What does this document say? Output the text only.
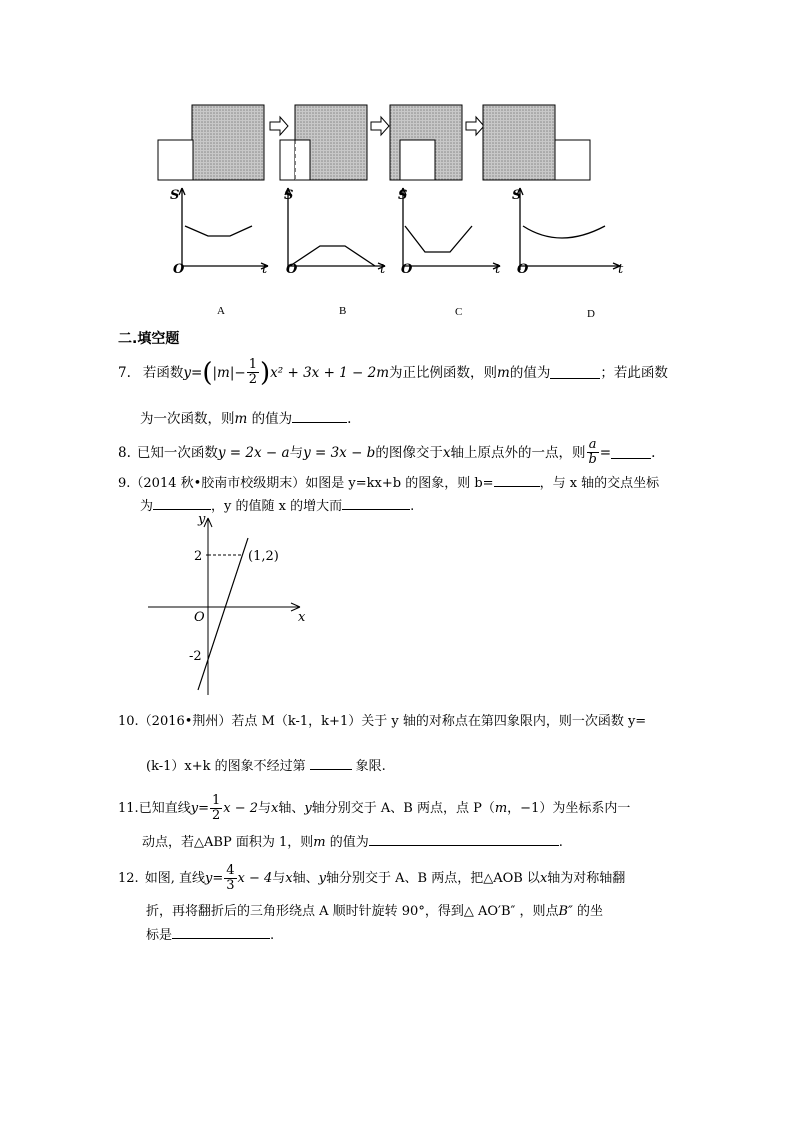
S
O	t
S
O	t
S
O	t
S
O	t
A	B	C	D
二.填空题
7. 若函数 y = ( $|m| - \frac{1}{2}$ ) x² + 3x + 1 − 2m 为正比例函数，则 m 的值为	；若此函数
为一次函数，则m 的值为	.
8. 已知一次函数 y = 2x − a 与 y = 3x − b 的图像交于 x 轴上原点外的一点，则 $\frac{a}{b}$ =	.
9.（2014 秋•胶南市校级期末）如图是 y=kx+b 的图象，则 b=	，与 x 轴的交点坐标
为	，y 的值随 x 的增大而	.
y
x
O
2
-2
(1,2)
10.（2016•荆州）若点 M（k-1，k+1）关于 y 轴的对称点在第四象限内，则一次函数 y=
(k-1）x+k 的图象不经过第	象限.
11. 已知直线 $y = \frac{1}{2}$ x − 2 与 x 轴、 y 轴分别交于 A、B 两点，点 P（ m ，−1）为坐标系内一
动点，若△ABP 面积为 1，则m 的值为	.
12. 如图, 直线 $y = \frac{4}{3}$ x − 4 与 x 轴、 y 轴分别交于 A、B 两点，把△AOB 以 x 轴为对称轴翻
折，再将翻折后的三角形绕点 A 顺时针旋转 90°，得到△ AO′B″ ，则点B″ 的坐
标是	.
